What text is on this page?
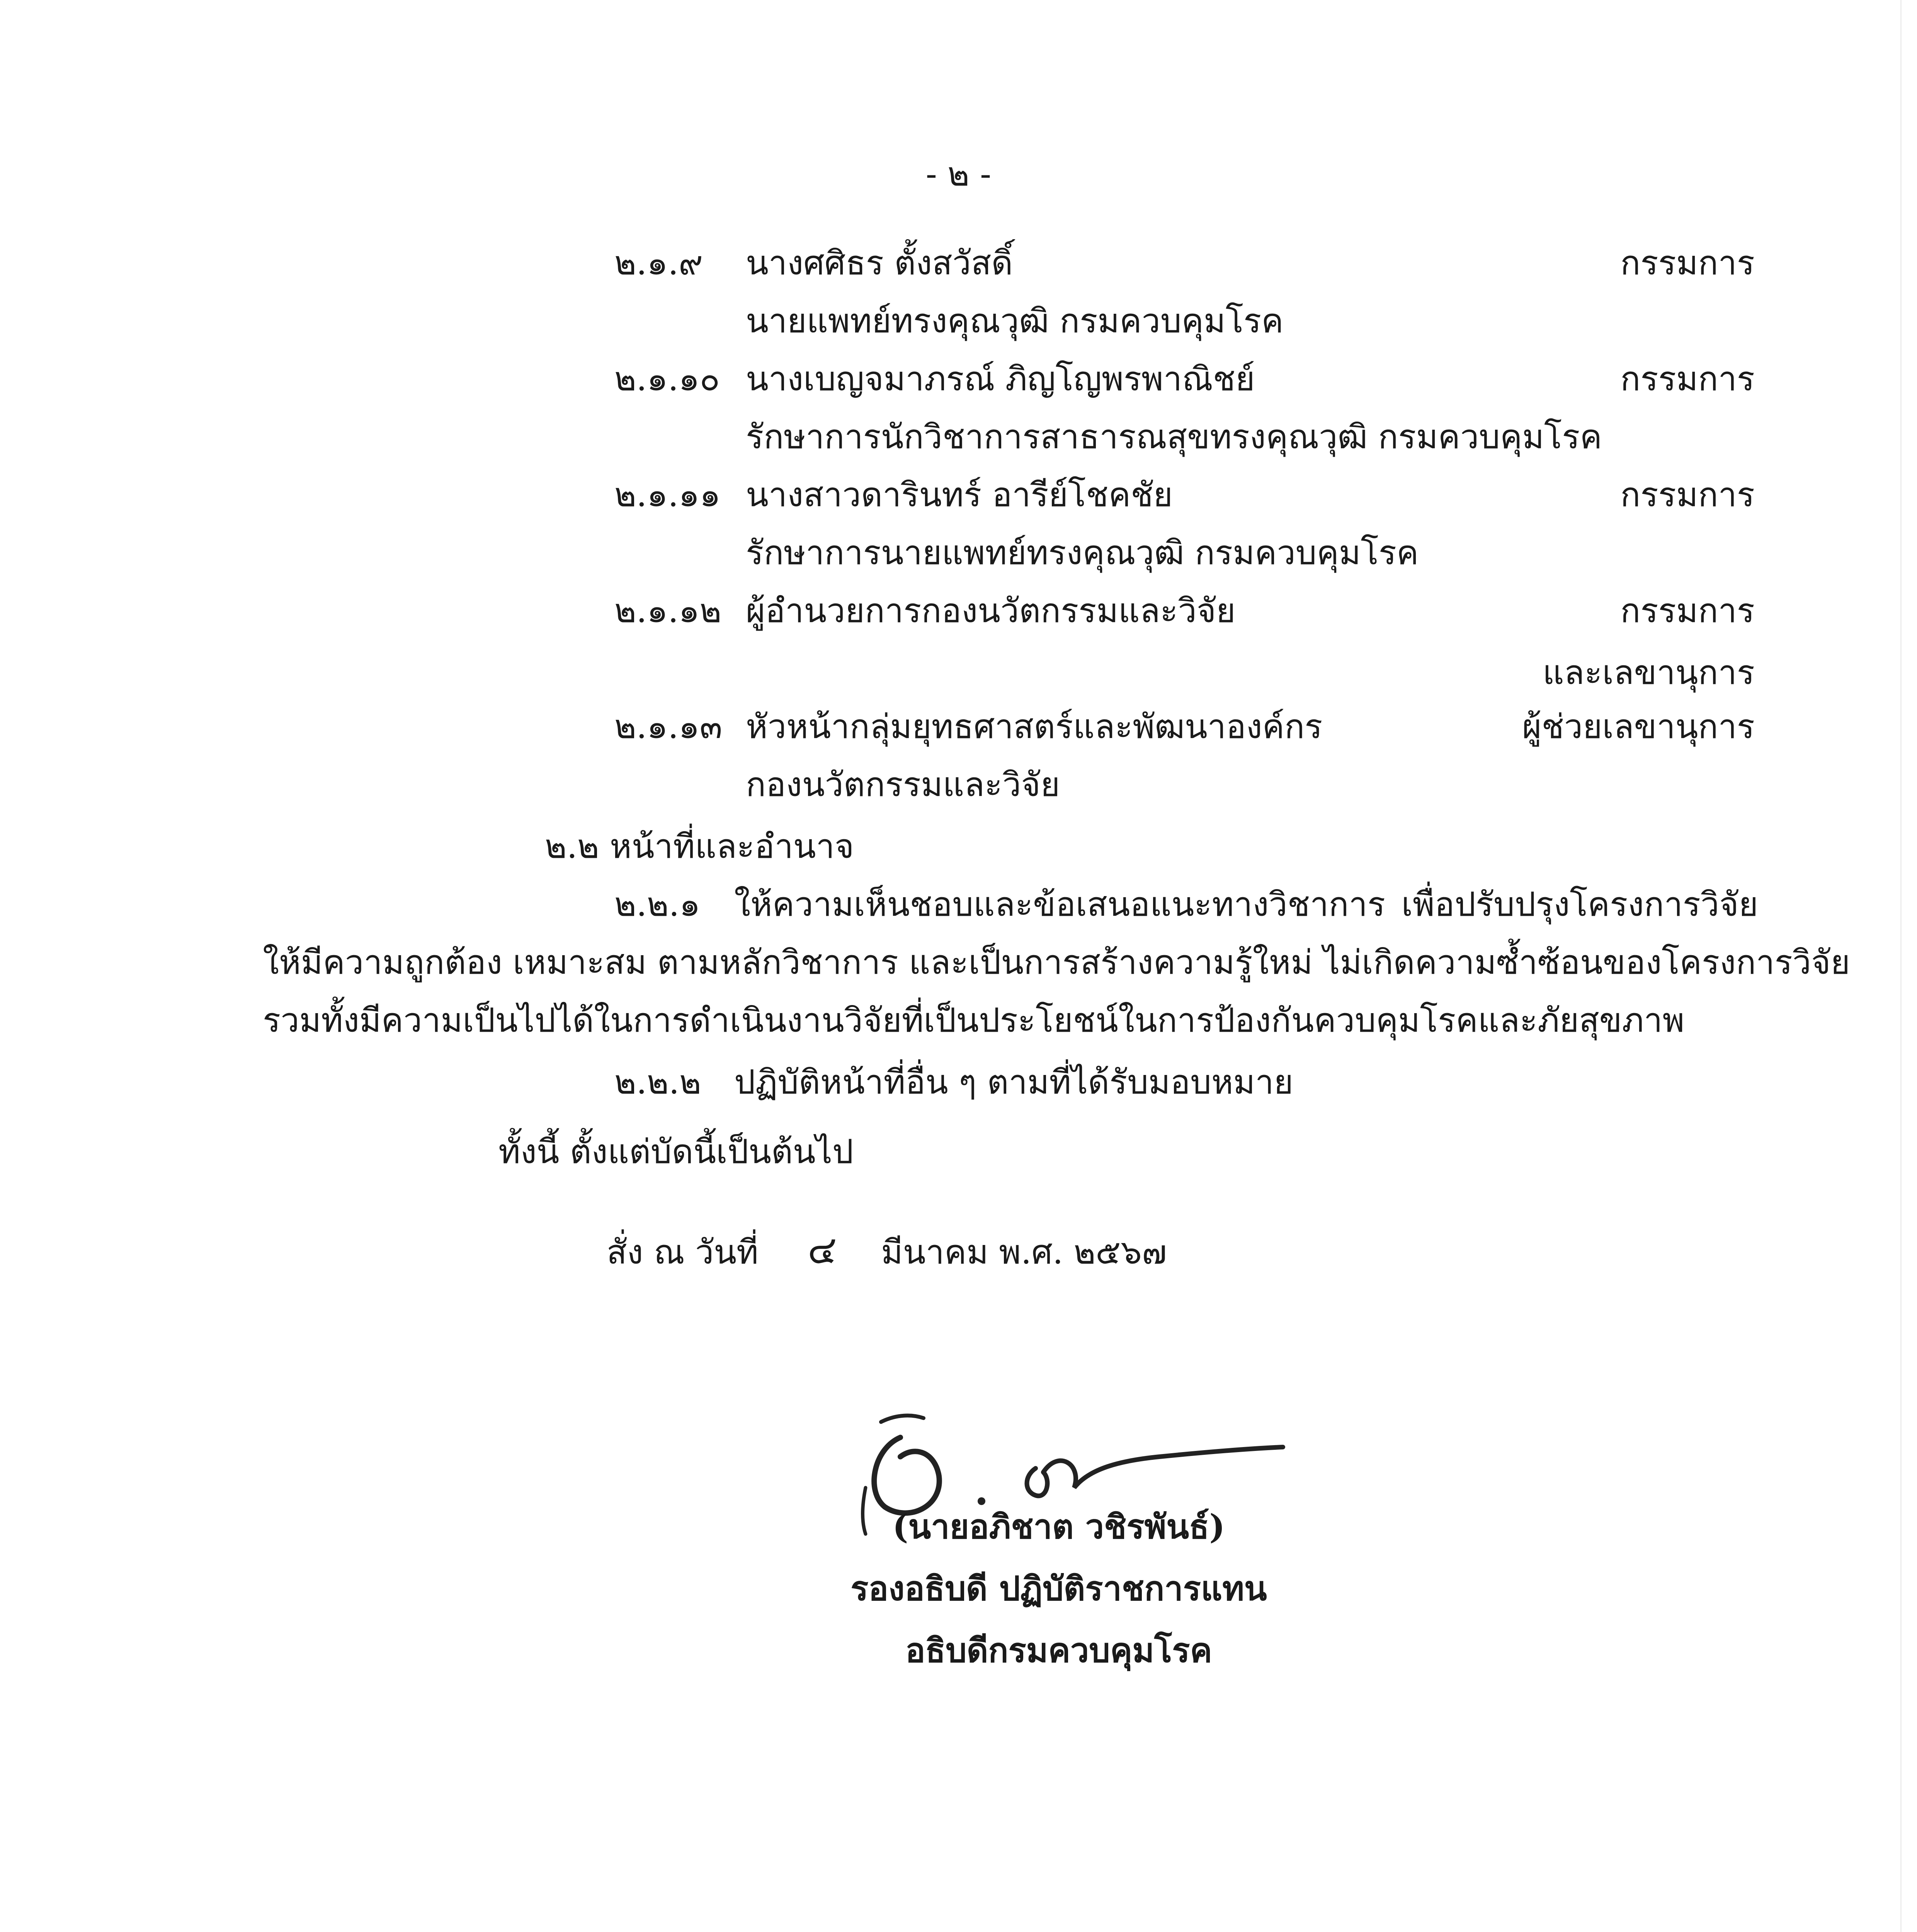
- ๒ -
๒.๑.๙ นางศศิธร ตั้งสวัสดิ์	กรรมการ
นายแพทย์ทรงคุณวุฒิ กรมควบคุมโรค
๒.๑.๑๐ นางเบญจมาภรณ์ ภิญโญพรพาณิชย์	กรรมการ
รักษาการนักวิชาการสาธารณสุขทรงคุณวุฒิ กรมควบคุมโรค
๒.๑.๑๑ นางสาวดารินทร์ อารีย์โชคชัย	กรรมการ
รักษาการนายแพทย์ทรงคุณวุฒิ กรมควบคุมโรค
๒.๑.๑๒ ผู้อำนวยการกองนวัตกรรมและวิจัย	กรรมการ
และเลขานุการ
๒.๑.๑๓ หัวหน้ากลุ่มยุทธศาสตร์และพัฒนาองค์กร	ผู้ช่วยเลขานุการ
กองนวัตกรรมและวิจัย
๒.๒ หน้าที่และอำนาจ
๒.๒.๑ ให้ความเห็นชอบและข้อเสนอแนะทางวิชาการ เพื่อปรับปรุงโครงการวิจัย
ให้มีความถูกต้อง เหมาะสม ตามหลักวิชาการ และเป็นการสร้างความรู้ใหม่ ไม่เกิดความซ้ำซ้อนของโครงการวิจัย
รวมทั้งมีความเป็นไปได้ในการดำเนินงานวิจัยที่เป็นประโยชน์ในการป้องกันควบคุมโรคและภัยสุขภาพ
๒.๒.๒ ปฏิบัติหน้าที่อื่น ๆ ตามที่ได้รับมอบหมาย
ทั้งนี้ ตั้งแต่บัดนี้เป็นต้นไป
สั่ง ณ วันที่ ๔ มีนาคม พ.ศ. ๒๕๖๗
(นายอภิชาต วชิรพันธ์)
รองอธิบดี ปฏิบัติราชการแทน
อธิบดีกรมควบคุมโรค
